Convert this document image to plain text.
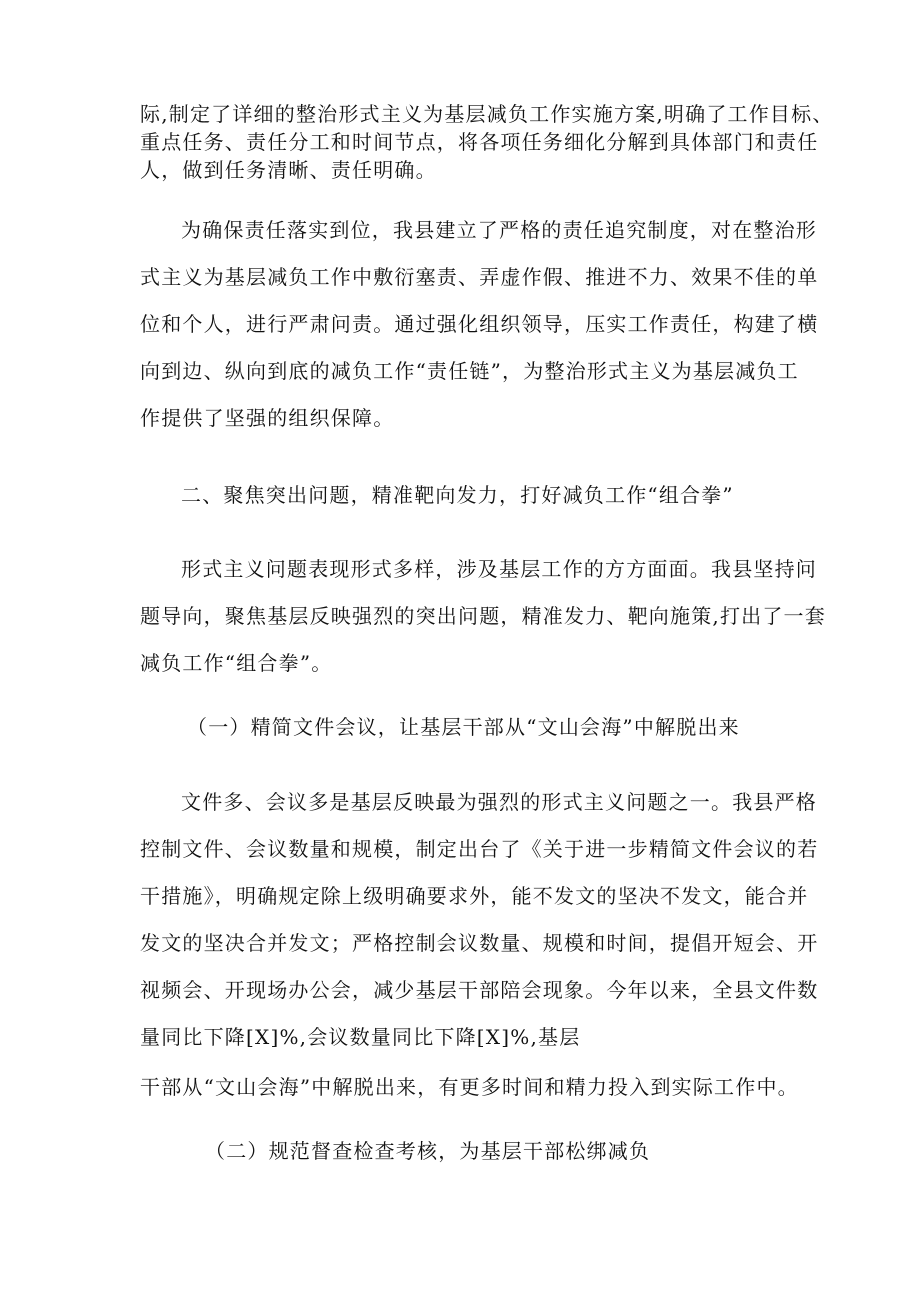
际,制定了详细的整治形式主义为基层减负工作实施方案,明确了工作目标、
重点任务、责任分工和时间节点，将各项任务细化分解到具体部门和责任
人，做到任务清晰、责任明确。
为确保责任落实到位，我县建立了严格的责任追究制度，对在整治形
式主义为基层减负工作中敷衍塞责、弄虚作假、推进不力、效果不佳的单
位和个人，进行严肃问责。通过强化组织领导，压实工作责任，构建了横
向到边、纵向到底的减负工作“责任链”，为整治形式主义为基层减负工
作提供了坚强的组织保障。
二、聚焦突出问题，精准靶向发力，打好减负工作“组合拳”
形式主义问题表现形式多样，涉及基层工作的方方面面。我县坚持问
题导向，聚焦基层反映强烈的突出问题，精准发力、靶向施策,打出了一套
减负工作“组合拳”。
（一）精简文件会议，让基层干部从“文山会海”中解脱出来
文件多、会议多是基层反映最为强烈的形式主义问题之一。我县严格
控制文件、会议数量和规模，制定出台了《关于进一步精简文件会议的若
干措施》，明确规定除上级明确要求外，能不发文的坚决不发文，能合并
发文的坚决合并发文；严格控制会议数量、规模和时间，提倡开短会、开
视频会、开现场办公会，减少基层干部陪会现象。今年以来，全县文件数
量同比下降[X]%,会议数量同比下降[X]%,基层
干部从“文山会海”中解脱出来，有更多时间和精力投入到实际工作中。
（二）规范督查检查考核，为基层干部松绑减负
